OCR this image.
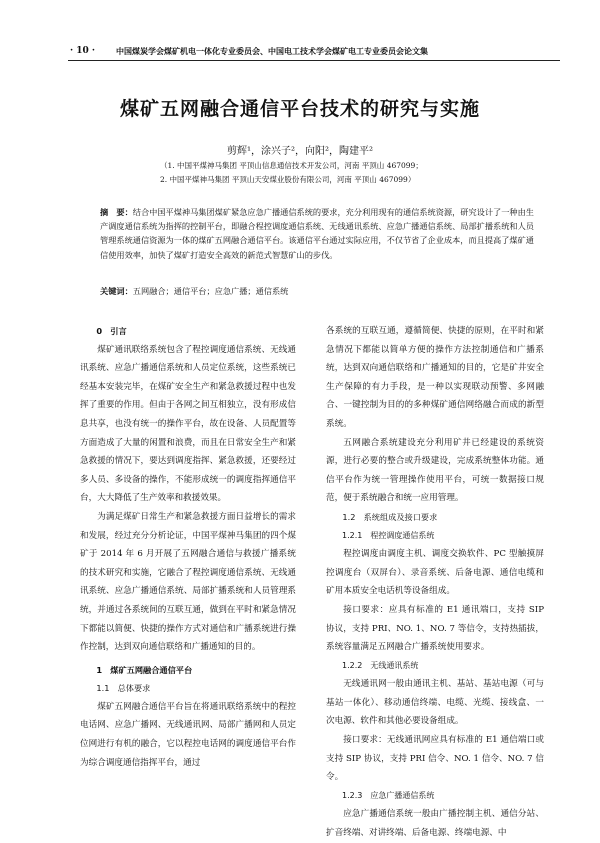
· 10 ·	中国煤炭学会煤矿机电一体化专业委员会、中国电工技术学会煤矿电工专业委员会论文集
煤矿五网融合通信平台技术的研究与实施
剪辉¹，涂兴子²，向阳²，陶建平²
（1. 中国平煤神马集团 平顶山信息通信技术开发公司，河南 平顶山 467099；
2. 中国平煤神马集团 平顶山天安煤业股份有限公司，河南 平顶山 467099）

摘　要：结合中国平煤神马集团煤矿紧急应急广播通信系统的要求，充分利用现有的通信系统资源，研究设计了一种由生产调度通信系统为指挥的控制平台，即融合程控调度通信系统、无线通讯系统、应急广播通信系统、局部扩播系统和人员管理系统通信资源为一体的煤矿五网融合通信平台。该通信平台通过实际应用，不仅节省了企业成本，而且提高了煤矿通信使用效率，加快了煤矿打造安全高效的新范式智慧矿山的步伐。

关键词：五网融合；通信平台；应急广播；通信系统

0　引言

煤矿通讯联络系统包含了程控调度通信系统、无线通讯系统、应急广播通信系统和人员定位系统，这些系统已经基本安装完毕，在煤矿安全生产和紧急救援过程中也发挥了重要的作用。但由于各网之间互相独立，没有形成信息共享，也没有统一的操作平台，故在设备、人员配置等方面造成了大量的闲置和浪费，而且在日常安全生产和紧急救援的情况下，要达到调度指挥、紧急救援，还要经过多人员、多设备的操作，不能形成统一的调度指挥通信平台，大大降低了生产效率和救援效果。

为满足煤矿日常生产和紧急救援方面日益增长的需求和发展，经过充分分析论证，中国平煤神马集团的四个煤矿于 2014 年 6 月开展了五网融合通信与救援广播系统的技术研究和实施，它融合了程控调度通信系统、无线通讯系统、应急广播通信系统、局部扩播系统和人员管理系统，并通过各系统间的互联互通，做到在平时和紧急情况下都能以简便、快捷的操作方式对通信和广播系统进行操作控制，达到双向通信联络和广播通知的目的。

1　煤矿五网融合通信平台

1.1　总体要求

煤矿五网融合通信平台旨在将通讯联络系统中的程控电话网、应急广播网、无线通讯网、局部广播网和人员定位网进行有机的融合，它以程控电话网的调度通信平台作为综合调度通信指挥平台，通过

各系统的互联互通，遵循简便、快捷的原则，在平时和紧急情况下都能以简单方便的操作方法控制通信和广播系统，达到双向通信联络和广播通知的目的，它是矿井安全生产保障的有力手段，是一种以实现联动预警、多网融合、一键控制为目的的多种煤矿通信网络融合而成的新型系统。

五网融合系统建设充分利用矿井已经建设的系统资源，进行必要的整合或升级建设，完成系统整体功能。通信平台作为统一管理操作使用平台，可统一数据接口规范，便于系统融合和统一应用管理。

1.2　系统组成及接口要求

1.2.1　程控调度通信系统

程控调度由调度主机、调度交换软件、PC 型触摸屏控调度台（双屏台）、录音系统、后备电源、通信电缆和矿用本质安全电话机等设备组成。

接口要求：应具有标准的 E1 通讯端口，支持 SIP 协议，支持 PRI、NO. 1、NO. 7 等信令，支持热插拔，系统容量满足五网融合广播系统使用要求。

1.2.2　无线通讯系统

无线通讯网一般由通讯主机、基站、基站电源（可与基站一体化）、移动通信终端、电缆、光缆、接线盒、一次电源、软件和其他必要设备组成。

接口要求：无线通讯网应具有标准的 E1 通信端口或支持 SIP 协议，支持 PRI 信令、NO. 1 信令、NO. 7 信令。

1.2.3　应急广播通信系统

应急广播通信系统一般由广播控制主机、通信分站、扩音终端、对讲终端、后备电源、终端电源、中
